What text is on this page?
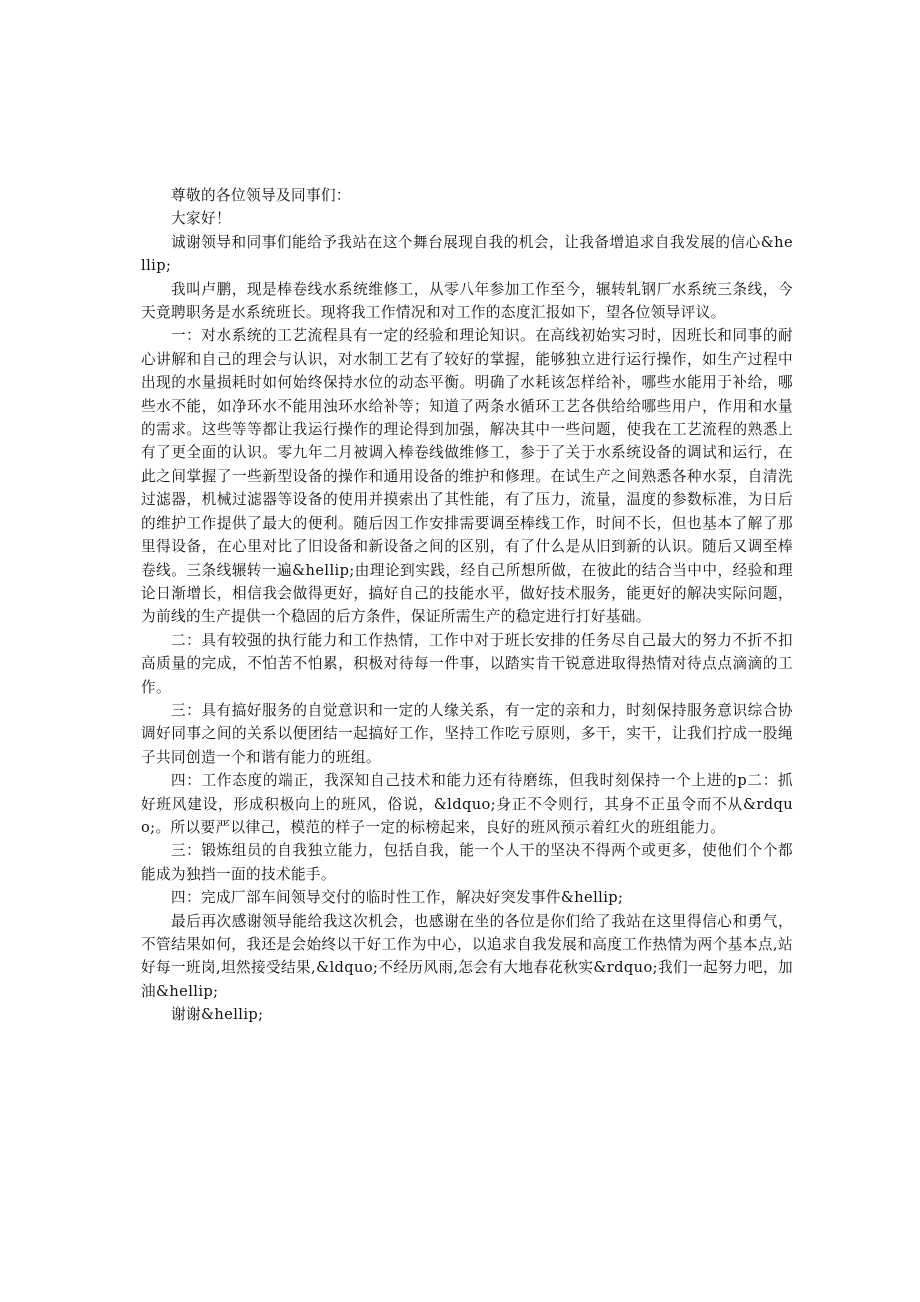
尊敬的各位领导及同事们：

大家好！

诚谢领导和同事们能给予我站在这个舞台展现自我的机会，让我备增追求自我发展的信心&hellip;

我叫卢鹏，现是棒卷线水系统维修工，从零八年参加工作至今，辗转轧钢厂水系统三条线，今天竟聘职务是水系统班长。现将我工作情况和对工作的态度汇报如下，望各位领导评议。

一：对水系统的工艺流程具有一定的经验和理论知识。在高线初始实习时，因班长和同事的耐心讲解和自己的理会与认识，对水制工艺有了较好的掌握，能够独立进行运行操作，如生产过程中出现的水量损耗时如何始终保持水位的动态平衡。明确了水耗该怎样给补，哪些水能用于补给，哪些水不能，如净环水不能用浊环水给补等；知道了两条水循环工艺各供给给哪些用户，作用和水量的需求。这些等等都让我运行操作的理论得到加强，解决其中一些问题，使我在工艺流程的熟悉上有了更全面的认识。零九年二月被调入棒卷线做维修工，参于了关于水系统设备的调试和运行，在此之间掌握了一些新型设备的操作和通用设备的维护和修理。在试生产之间熟悉各种水泵，自清洗过滤器，机械过滤器等设备的使用并摸索出了其性能，有了压力，流量，温度的参数标准，为日后的维护工作提供了最大的便利。随后因工作安排需要调至棒线工作，时间不长，但也基本了解了那里得设备，在心里对比了旧设备和新设备之间的区别，有了什么是从旧到新的认识。随后又调至棒卷线。三条线辗转一遍&hellip;由理论到实践，经自己所想所做，在彼此的结合当中中，经验和理论日渐增长，相信我会做得更好，搞好自己的技能水平，做好技术服务，能更好的解决实际问题，为前线的生产提供一个稳固的后方条件，保证所需生产的稳定进行打好基础。

二：具有较强的执行能力和工作热情，工作中对于班长安排的任务尽自己最大的努力不折不扣高质量的完成，不怕苦不怕累，积极对待每一件事，以踏实肯干锐意进取得热情对待点点滴滴的工作。

三：具有搞好服务的自觉意识和一定的人缘关系，有一定的亲和力，时刻保持服务意识综合协调好同事之间的关系以便团结一起搞好工作，坚持工作吃亏原则，多干，实干，让我们拧成一股绳子共同创造一个和谐有能力的班组。

四：工作态度的端正，我深知自己技术和能力还有待磨练，但我时刻保持一个上进的p二：抓好班风建设，形成积极向上的班风，俗说，&ldquo;身正不令则行，其身不正虽令而不从&rdquo;。所以要严以律己，模范的样子一定的标榜起来，良好的班风预示着红火的班组能力。

三：锻炼组员的自我独立能力，包括自我，能一个人干的坚决不得两个或更多，使他们个个都能成为独挡一面的技术能手。

四：完成厂部车间领导交付的临时性工作，解决好突发事件&hellip;

最后再次感谢领导能给我这次机会，也感谢在坐的各位是你们给了我站在这里得信心和勇气，不管结果如何，我还是会始终以干好工作为中心，以追求自我发展和高度工作热情为两个基本点,站好每一班岗,坦然接受结果,&ldquo;不经历风雨,怎会有大地春花秋实&rdquo;我们一起努力吧，加油&hellip;

谢谢&hellip;
